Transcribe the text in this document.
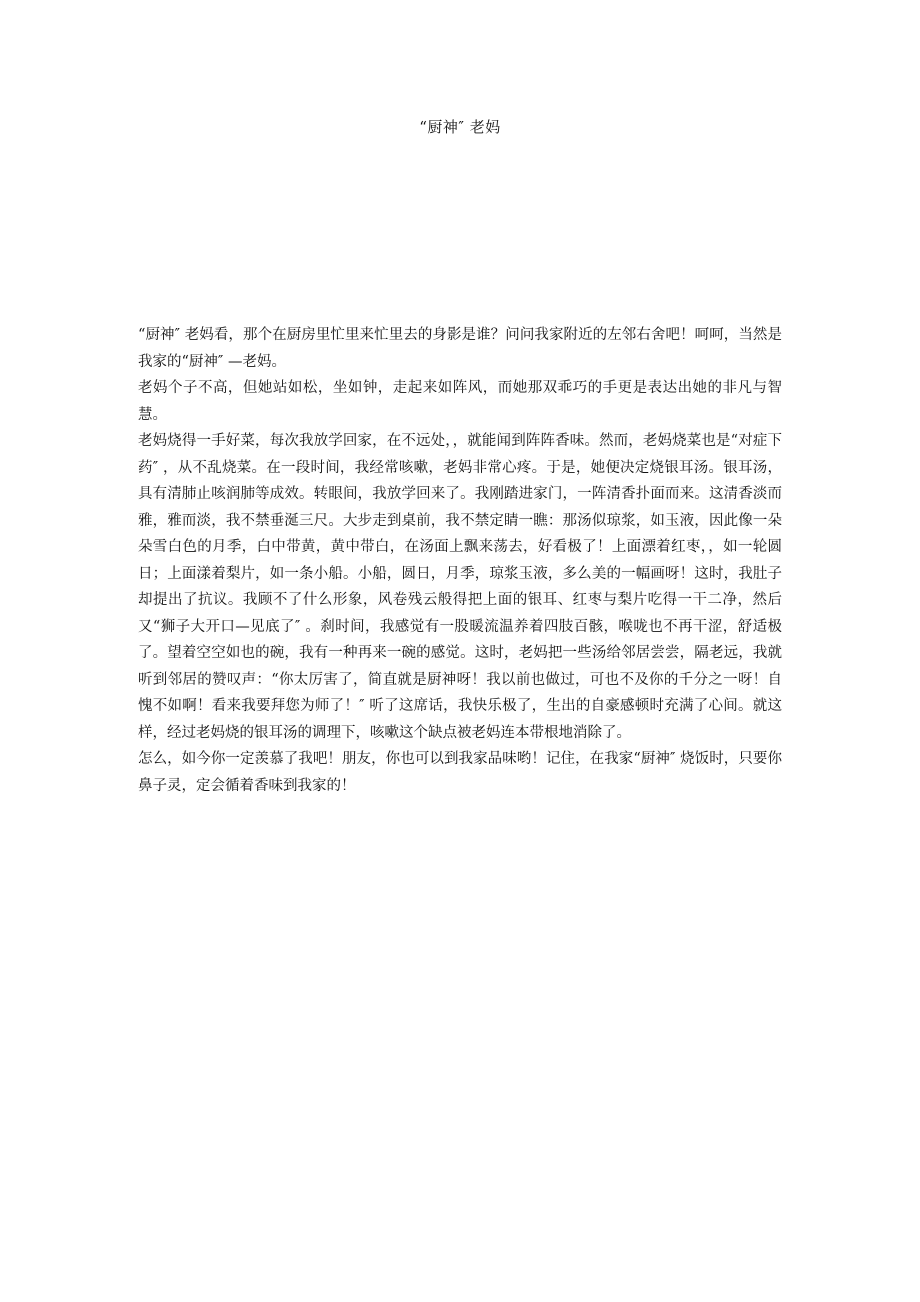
“厨神″ 老妈

“厨神″ 老妈看，那个在厨房里忙里来忙里去的身影是谁？问问我家附近的左邻右舍吧！呵呵，当然是我家的“厨神″ —老妈。

老妈个子不高，但她站如松，坐如钟，走起来如阵风，而她那双乖巧的手更是表达出她的非凡与智慧。

老妈烧得一手好菜，每次我放学回家，在不远处，，就能闻到阵阵香味。然而，老妈烧菜也是“对症下药″ ，从不乱烧菜。在一段时间，我经常咳嗽，老妈非常心疼。于是，她便决定烧银耳汤。银耳汤，具有清肺止咳润肺等成效。转眼间，我放学回来了。我刚踏进家门，一阵清香扑面而来。这清香淡而雅，雅而淡，我不禁垂涎三尺。大步走到桌前，我不禁定睛一瞧：那汤似琼浆，如玉液，因此像一朵朵雪白色的月季，白中带黄，黄中带白，在汤面上飘来荡去，好看极了！上面漂着红枣，，如一轮圆日；上面漾着梨片，如一条小船。小船，圆日，月季，琼浆玉液，多么美的一幅画呀！这时，我肚子却提出了抗议。我顾不了什么形象，风卷残云般得把上面的银耳、红枣与梨片吃得一干二净，然后又“狮子大开口—见底了″ 。刹时间，我感觉有一股暖流温养着四肢百骸，喉咙也不再干涩，舒适极了。望着空空如也的碗，我有一种再来一碗的感觉。这时，老妈把一些汤给邻居尝尝，隔老远，我就听到邻居的赞叹声：“你太厉害了，简直就是厨神呀！我以前也做过，可也不及你的千分之一呀！自愧不如啊！看来我要拜您为师了！″ 听了这席话，我快乐极了，生出的自豪感顿时充满了心间。就这样，经过老妈烧的银耳汤的调理下，咳嗽这个缺点被老妈连本带根地消除了。

怎么，如今你一定羡慕了我吧！朋友，你也可以到我家品味哟！记住，在我家“厨神″ 烧饭时，只要你鼻子灵，定会循着香味到我家的！
